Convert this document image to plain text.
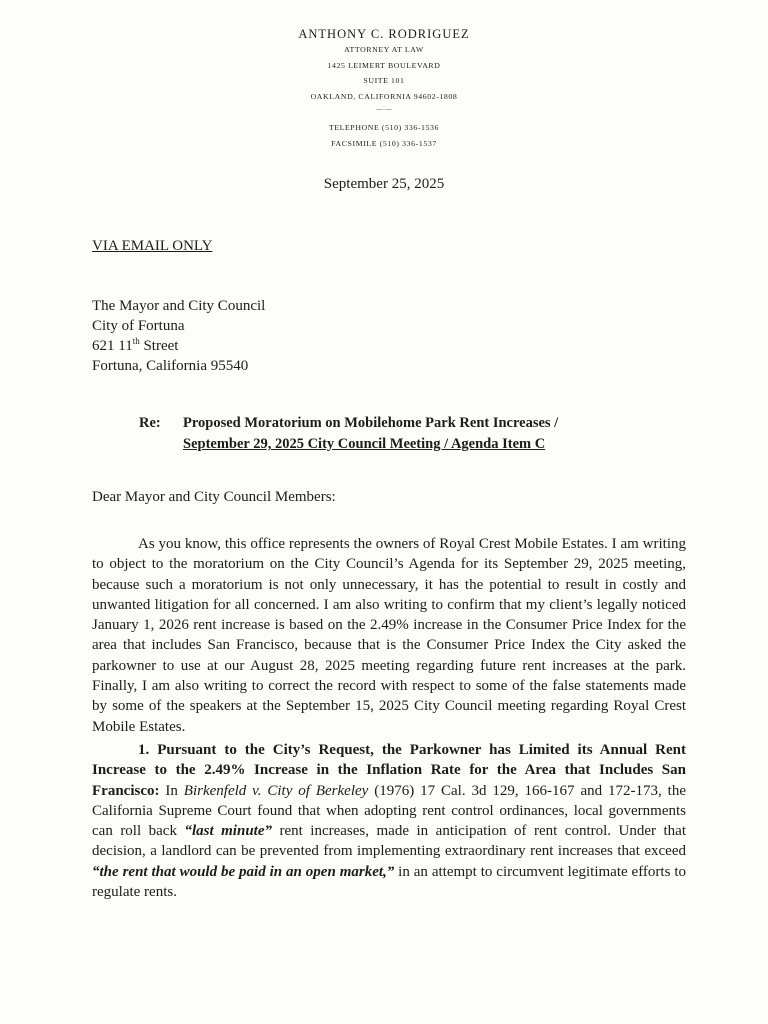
ANTHONY C. RODRIGUEZ
ATTORNEY AT LAW
1425 LEIMERT BOULEVARD
SUITE 101
OAKLAND, CALIFORNIA 94602-1808
— —
TELEPHONE (510) 336-1536
FACSIMILE (510) 336-1537
September 25, 2025
VIA EMAIL ONLY
The Mayor and City Council
City of Fortuna
621 11th Street
Fortuna, California 95540
Re: Proposed Moratorium on Mobilehome Park Rent Increases /
September 29, 2025 City Council Meeting / Agenda Item C
Dear Mayor and City Council Members:

As you know, this office represents the owners of Royal Crest Mobile Estates. I am writing to object to the moratorium on the City Council’s Agenda for its September 29, 2025 meeting, because such a moratorium is not only unnecessary, it has the potential to result in costly and unwanted litigation for all concerned. I am also writing to confirm that my client’s legally noticed January 1, 2026 rent increase is based on the 2.49% increase in the Consumer Price Index for the area that includes San Francisco, because that is the Consumer Price Index the City asked the parkowner to use at our August 28, 2025 meeting regarding future rent increases at the park. Finally, I am also writing to correct the record with respect to some of the false statements made by some of the speakers at the September 15, 2025 City Council meeting regarding Royal Crest Mobile Estates.

1. Pursuant to the City’s Request, the Parkowner has Limited its Annual Rent Increase to the 2.49% Increase in the Inflation Rate for the Area that Includes San Francisco: In Birkenfeld v. City of Berkeley (1976) 17 Cal. 3d 129, 166-167 and 172-173, the California Supreme Court found that when adopting rent control ordinances, local governments can roll back “last minute” rent increases, made in anticipation of rent control. Under that decision, a landlord can be prevented from implementing extraordinary rent increases that exceed “the rent that would be paid in an open market,” in an attempt to circumvent legitimate efforts to regulate rents.
